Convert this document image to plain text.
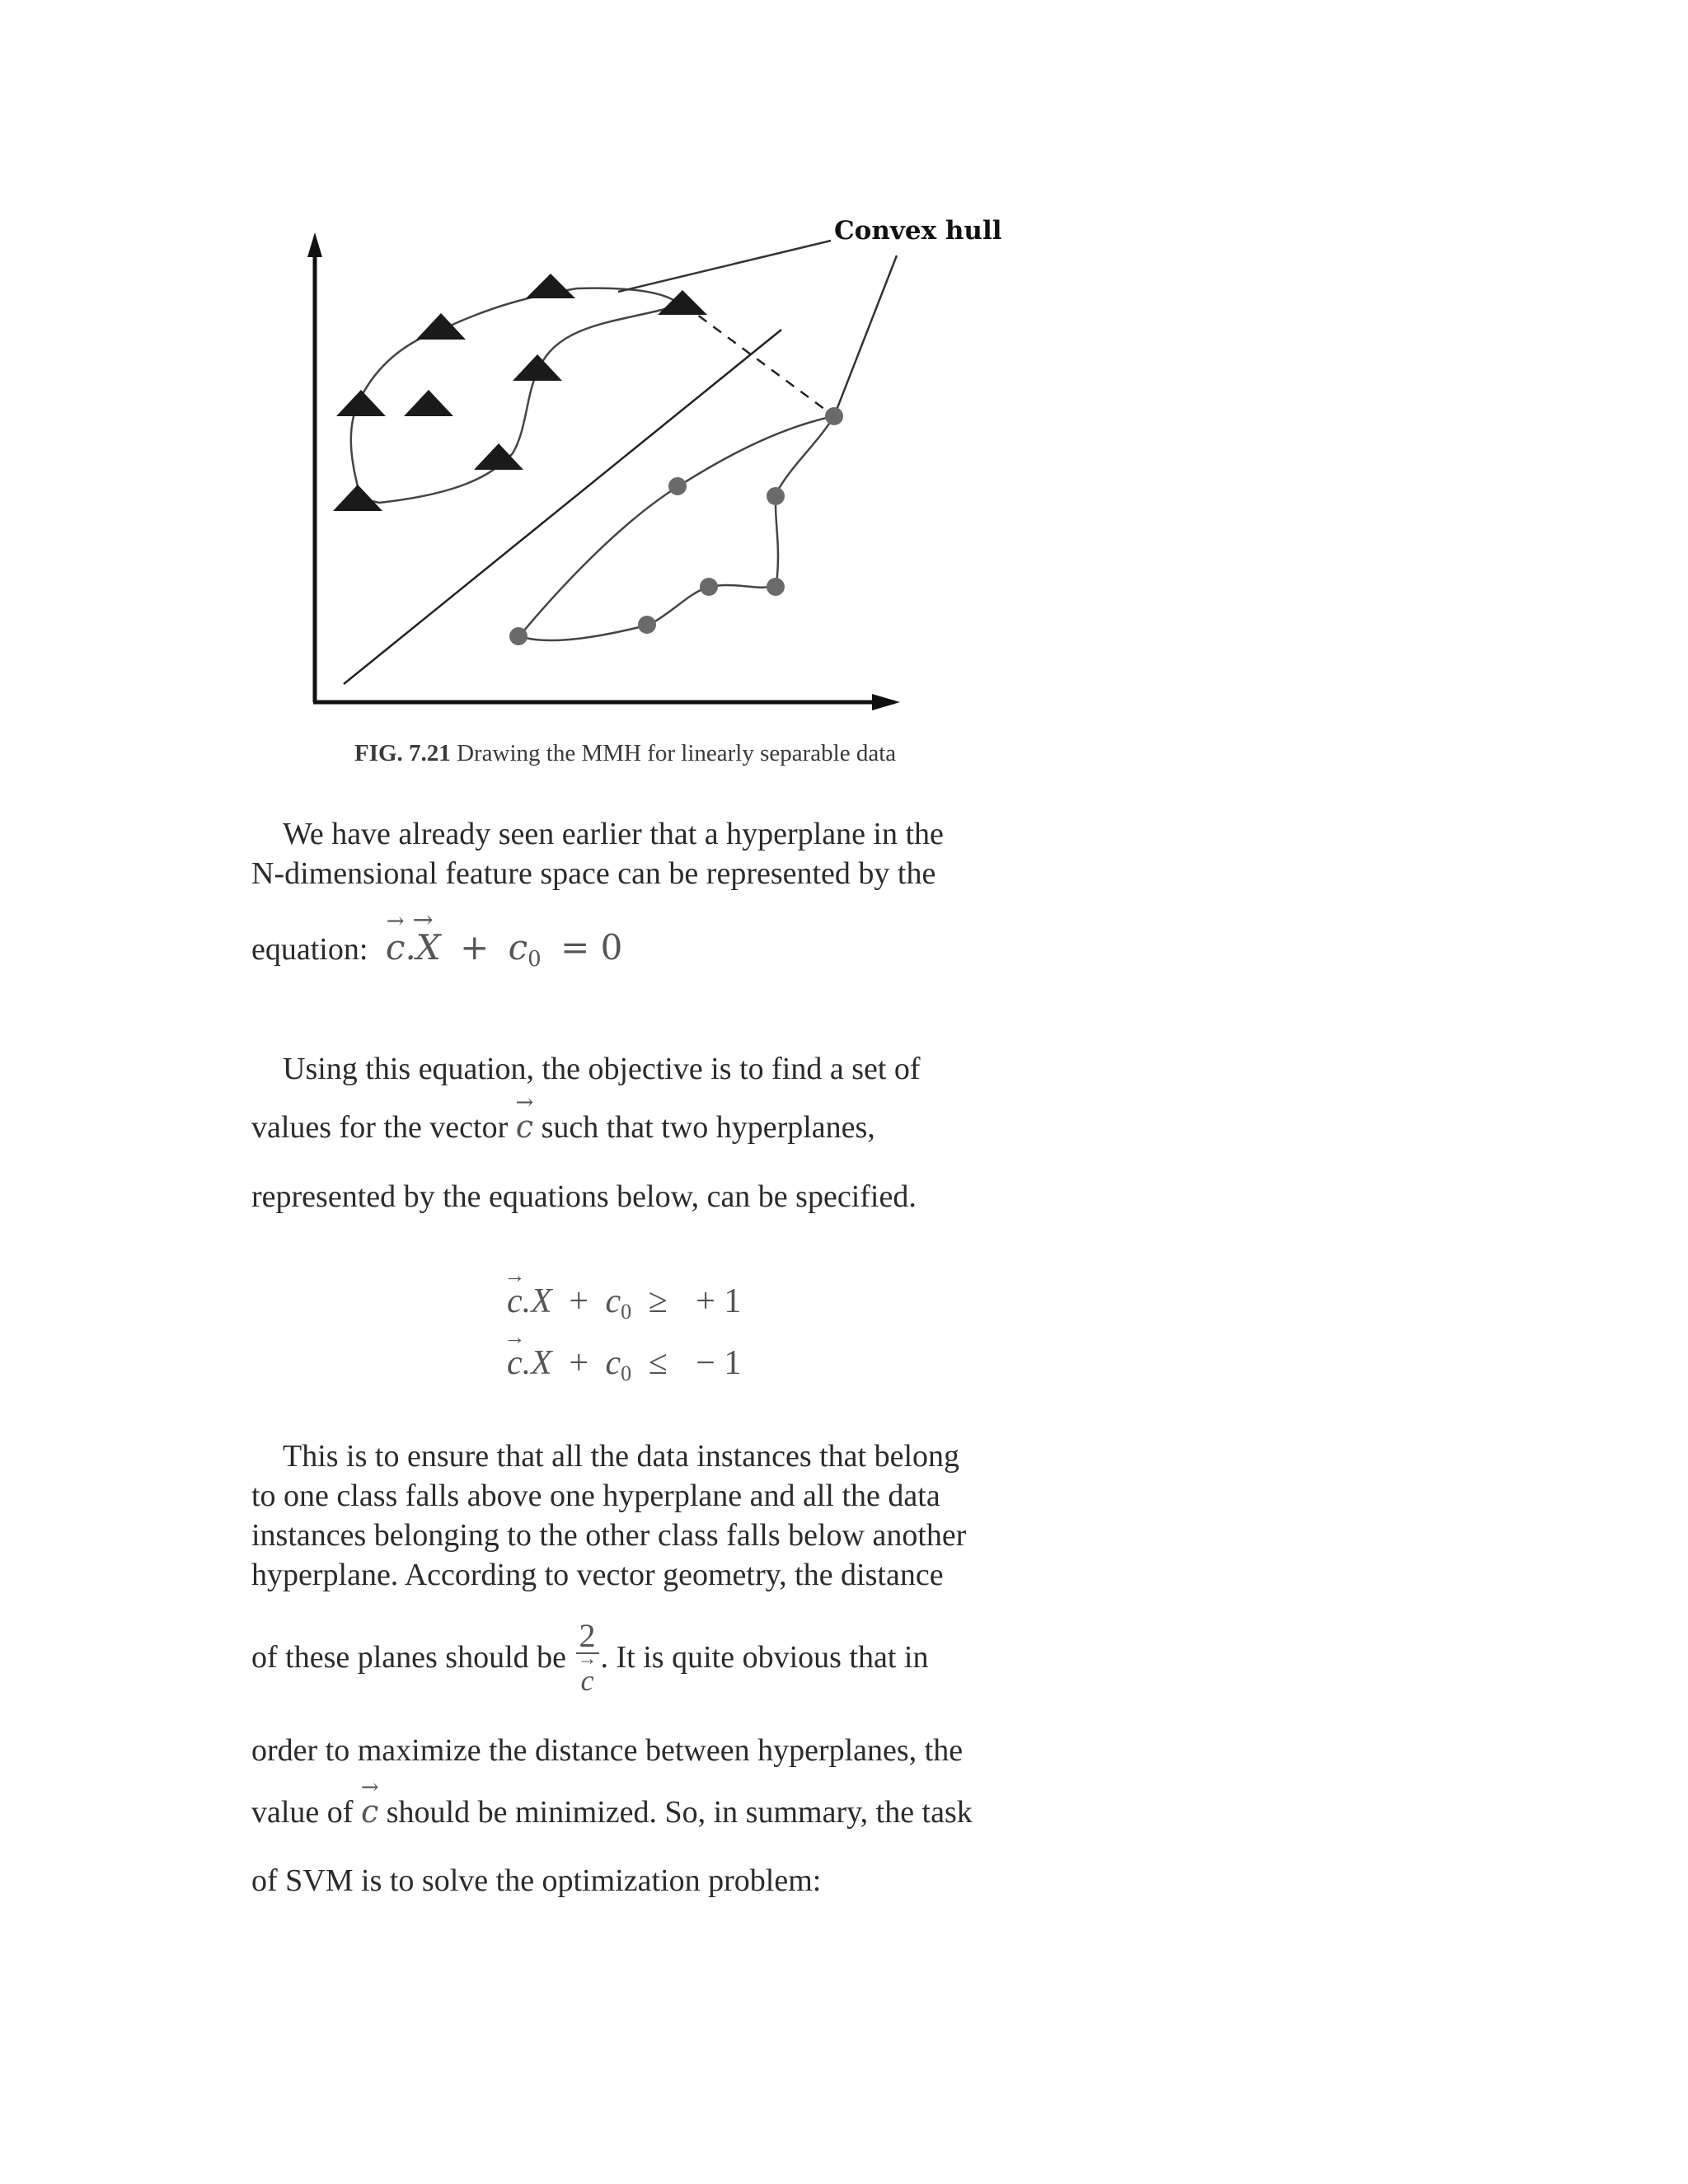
Convex hull
FIG. 7.21 Drawing the MMH for linearly separable data
We have already seen earlier that a hyperplane in the
N-dimensional feature space can be represented by the
equation: → $c\to .X + c_0 = 0$
Using this equation, the objective is to find a set of
values for the vector → c such that two hyperplanes,
represented by the equations below, can be specified.
→ $c.X + c_0$ ≥ + 1
→ $c.X + c_0$ ≤ − 1
This is to ensure that all the data instances that belong
to one class falls above one hyperplane and all the data
instances belonging to the other class falls below another
hyperplane. According to vector geometry, the distance
of these planes should be 2
→ c . It is quite obvious that in
order to maximize the distance between hyperplanes, the
value of → c should be minimized. So, in summary, the task
of SVM is to solve the optimization problem:
